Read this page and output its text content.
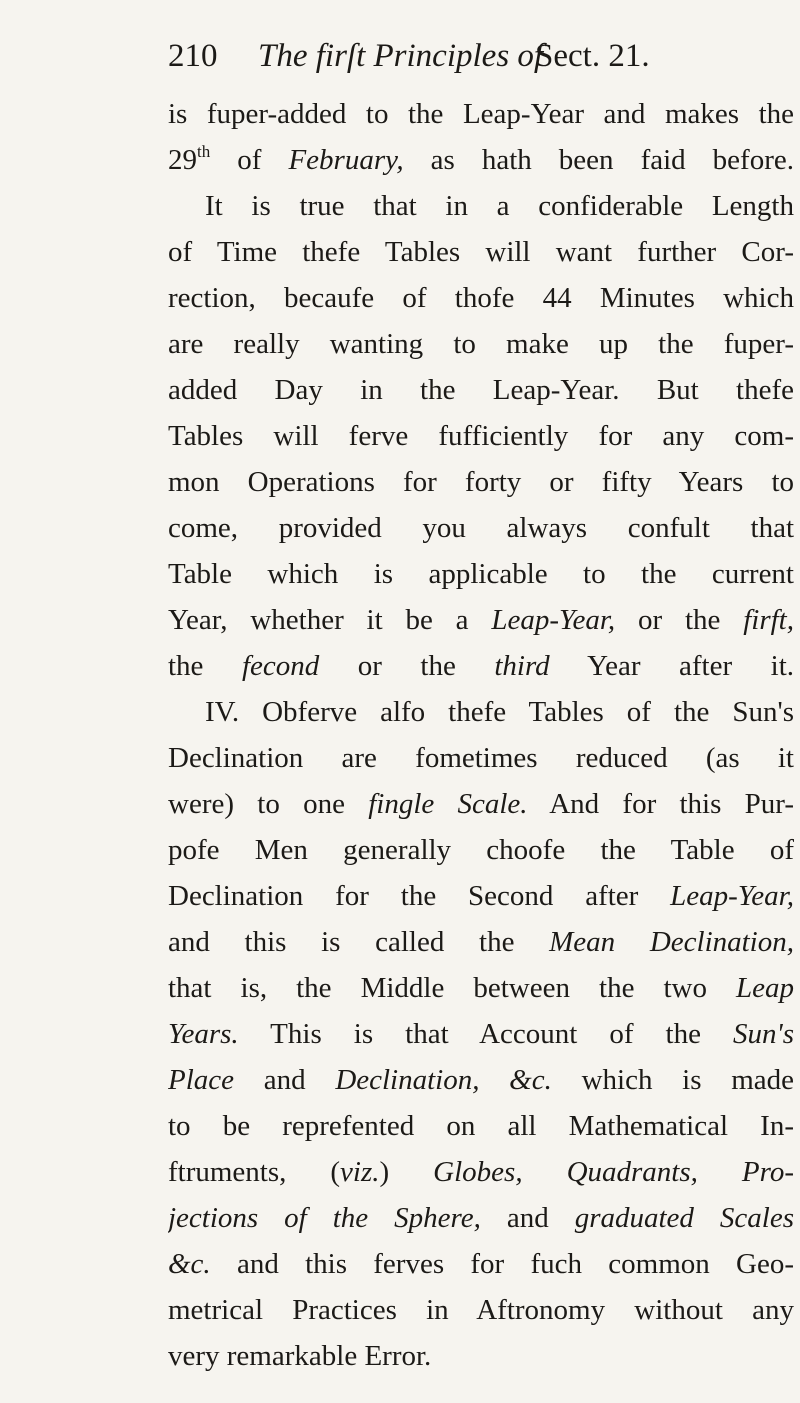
210 The firſt Principles of
Sect. 21.
is fuper-added to the Leap-Year and makes the
29th of February, as hath been faid before.
It is true that in a confiderable Length
of Time thefe Tables will want further Cor-
rection, becaufe of thofe 44 Minutes which
are really wanting to make up the fuper-
added Day in the Leap-Year. But thefe
Tables will ferve fufficiently for any com-
mon Operations for forty or fifty Years to
come, provided you always confult that
Table which is applicable to the current
Year, whether it be a Leap-Year, or the firft,
the fecond or the third Year after it.
IV. Obferve alfo thefe Tables of the Sun's
Declination are fometimes reduced (as it
were) to one fingle Scale. And for this Pur-
pofe Men generally choofe the Table of
Declination for the Second after Leap-Year,
and this is called the Mean Declination,
that is, the Middle between the two Leap
Years. This is that Account of the Sun's
Place and Declination, &c. which is made
to be reprefented on all Mathematical In-
ftruments, (viz.) Globes, Quadrants, Pro-
jections of the Sphere, and graduated Scales
&c. and this ferves for fuch common Geo-
metrical Practices in Aftronomy without any
very remarkable Error.
